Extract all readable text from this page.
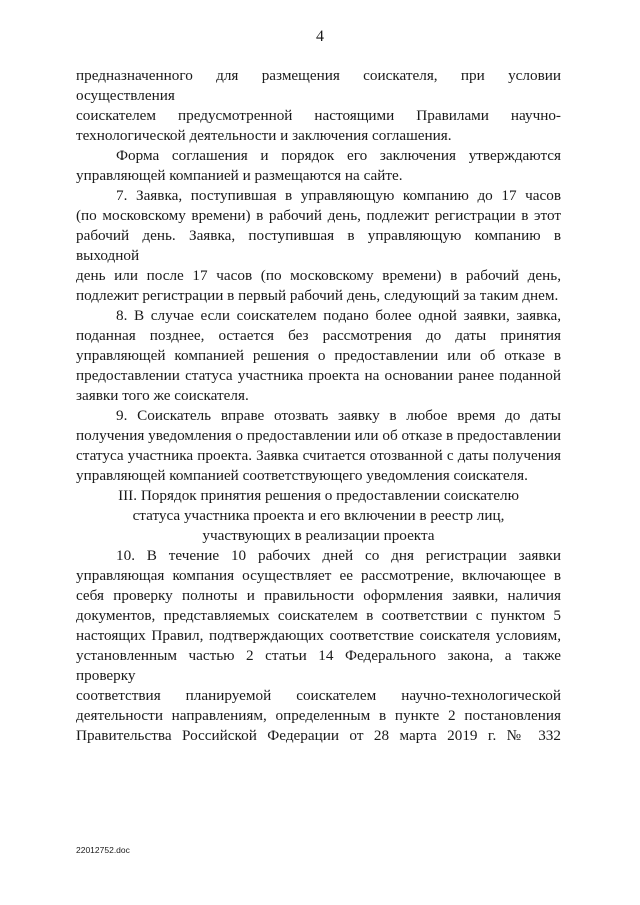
4

предназначенного для размещения соискателя, при условии осуществления
соискателем предусмотренной настоящими Правилами научно-
технологической деятельности и заключения соглашения.

Форма соглашения и порядок его заключения утверждаются
управляющей компанией и размещаются на сайте.

7. Заявка, поступившая в управляющую компанию до 17 часов
(по московскому времени) в рабочий день, подлежит регистрации в этот
рабочий день. Заявка, поступившая в управляющую компанию в выходной
день или после 17 часов (по московскому времени) в рабочий день,
подлежит регистрации в первый рабочий день, следующий за таким днем.

8. В случае если соискателем подано более одной заявки, заявка,
поданная позднее, остается без рассмотрения до даты принятия
управляющей компанией решения о предоставлении или об отказе в
предоставлении статуса участника проекта на основании ранее поданной
заявки того же соискателя.

9. Соискатель вправе отозвать заявку в любое время до даты
получения уведомления о предоставлении или об отказе в предоставлении
статуса участника проекта. Заявка считается отозванной с даты получения
управляющей компанией соответствующего уведомления соискателя.

III. Порядок принятия решения о предоставлении соискателю
статуса участника проекта и его включении в реестр лиц,
участвующих в реализации проекта

10. В течение 10 рабочих дней со дня регистрации заявки
управляющая компания осуществляет ее рассмотрение, включающее в
себя проверку полноты и правильности оформления заявки, наличия
документов, представляемых соискателем в соответствии с пунктом 5
настоящих Правил, подтверждающих соответствие соискателя условиям,
установленным частью 2 статьи 14 Федерального закона, а также проверку
соответствия планируемой соискателем научно-технологической
деятельности направлениям, определенным в пункте 2 постановления
Правительства Российской Федерации от 28 марта 2019 г. № 332

22012752.doc
